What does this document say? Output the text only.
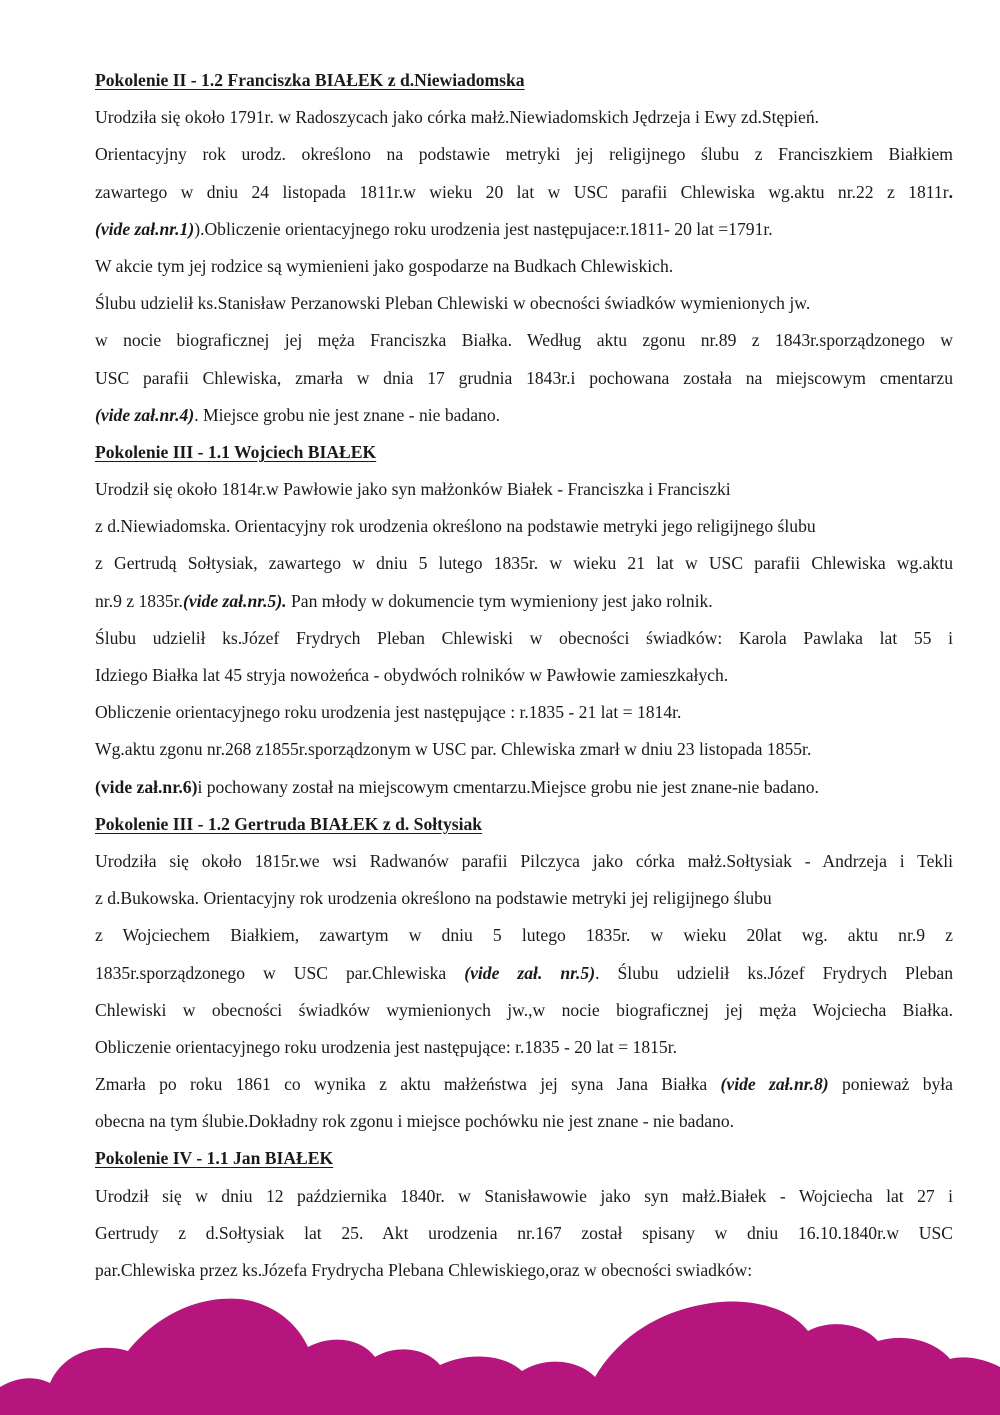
Pokolenie II - 1.2 Franciszka BIAŁEK z d.Niewiadomska
Urodziła się około 1791r. w Radoszycach jako córka małż.Niewiadomskich Jędrzeja i Ewy zd.Stępień.
Orientacyjny rok urodz. określono na podstawie metryki jej religijnego ślubu z Franciszkiem Białkiem
zawartego w dniu 24 listopada 1811r.w wieku 20 lat w USC parafii Chlewiska wg.aktu nr.22 z 1811r.
(vide zał.nr.1)).Obliczenie orientacyjnego roku urodzenia jest następujace:r.1811- 20 lat =1791r.
W akcie tym jej rodzice są wymienieni jako gospodarze na Budkach Chlewiskich.
Ślubu udzielił ks.Stanisław Perzanowski Pleban Chlewiski w obecności świadków wymienionych jw.
w nocie biograficznej jej męża Franciszka Białka. Według aktu zgonu nr.89 z 1843r.sporządzonego w
USC parafii Chlewiska, zmarła w dnia 17 grudnia 1843r.i pochowana została na miejscowym cmentarzu
(vide zał.nr.4). Miejsce grobu nie jest znane - nie badano.
Pokolenie III - 1.1 Wojciech BIAŁEK
Urodził się około 1814r.w Pawłowie jako syn małżonków Białek - Franciszka i Franciszki
z d.Niewiadomska. Orientacyjny rok urodzenia określono na podstawie metryki jego religijnego ślubu
z Gertrudą Sołtysiak, zawartego w dniu 5 lutego 1835r. w wieku 21 lat w USC parafii Chlewiska wg.aktu
nr.9 z 1835r.(vide zał.nr.5). Pan młody w dokumencie tym wymieniony jest jako rolnik.
Ślubu udzielił ks.Józef Frydrych Pleban Chlewiski w obecności świadków: Karola Pawlaka lat 55 i
Idziego Białka lat 45 stryja nowożeńca - obydwóch rolników w Pawłowie zamieszkałych.
Obliczenie orientacyjnego roku urodzenia jest następujące : r.1835 - 21 lat = 1814r.
Wg.aktu zgonu nr.268 z1855r.sporządzonym w USC par. Chlewiska zmarł w dniu 23 listopada 1855r.
(vide zał.nr.6)i pochowany został na miejscowym cmentarzu.Miejsce grobu nie jest znane-nie badano.
Pokolenie III - 1.2 Gertruda BIAŁEK z d. Sołtysiak
Urodziła się około 1815r.we wsi Radwanów parafii Pilczyca jako córka małż.Sołtysiak - Andrzeja i Tekli
z d.Bukowska. Orientacyjny rok urodzenia określono na podstawie metryki jej religijnego ślubu
z Wojciechem Białkiem, zawartym w dniu 5 lutego 1835r. w wieku 20lat wg. aktu nr.9 z
1835r.sporządzonego w USC par.Chlewiska (vide zał. nr.5). Ślubu udzielił ks.Józef Frydrych Pleban
Chlewiski w obecności świadków wymienionych jw.,w nocie biograficznej jej męża Wojciecha Białka.
Obliczenie orientacyjnego roku urodzenia jest następujące: r.1835 - 20 lat = 1815r.
Zmarła po roku 1861 co wynika z aktu małżeństwa jej syna Jana Białka (vide zał.nr.8) ponieważ była
obecna na tym ślubie.Dokładny rok zgonu i miejsce pochówku nie jest znane - nie badano.
Pokolenie IV - 1.1 Jan BIAŁEK
Urodził się w dniu 12 października 1840r. w Stanisławowie jako syn małż.Białek - Wojciecha lat 27 i
Gertrudy z d.Sołtysiak lat 25. Akt urodzenia nr.167 został spisany w dniu 16.10.1840r.w USC
par.Chlewiska przez ks.Józefa Frydrycha Plebana Chlewiskiego,oraz w obecności swiadków:
